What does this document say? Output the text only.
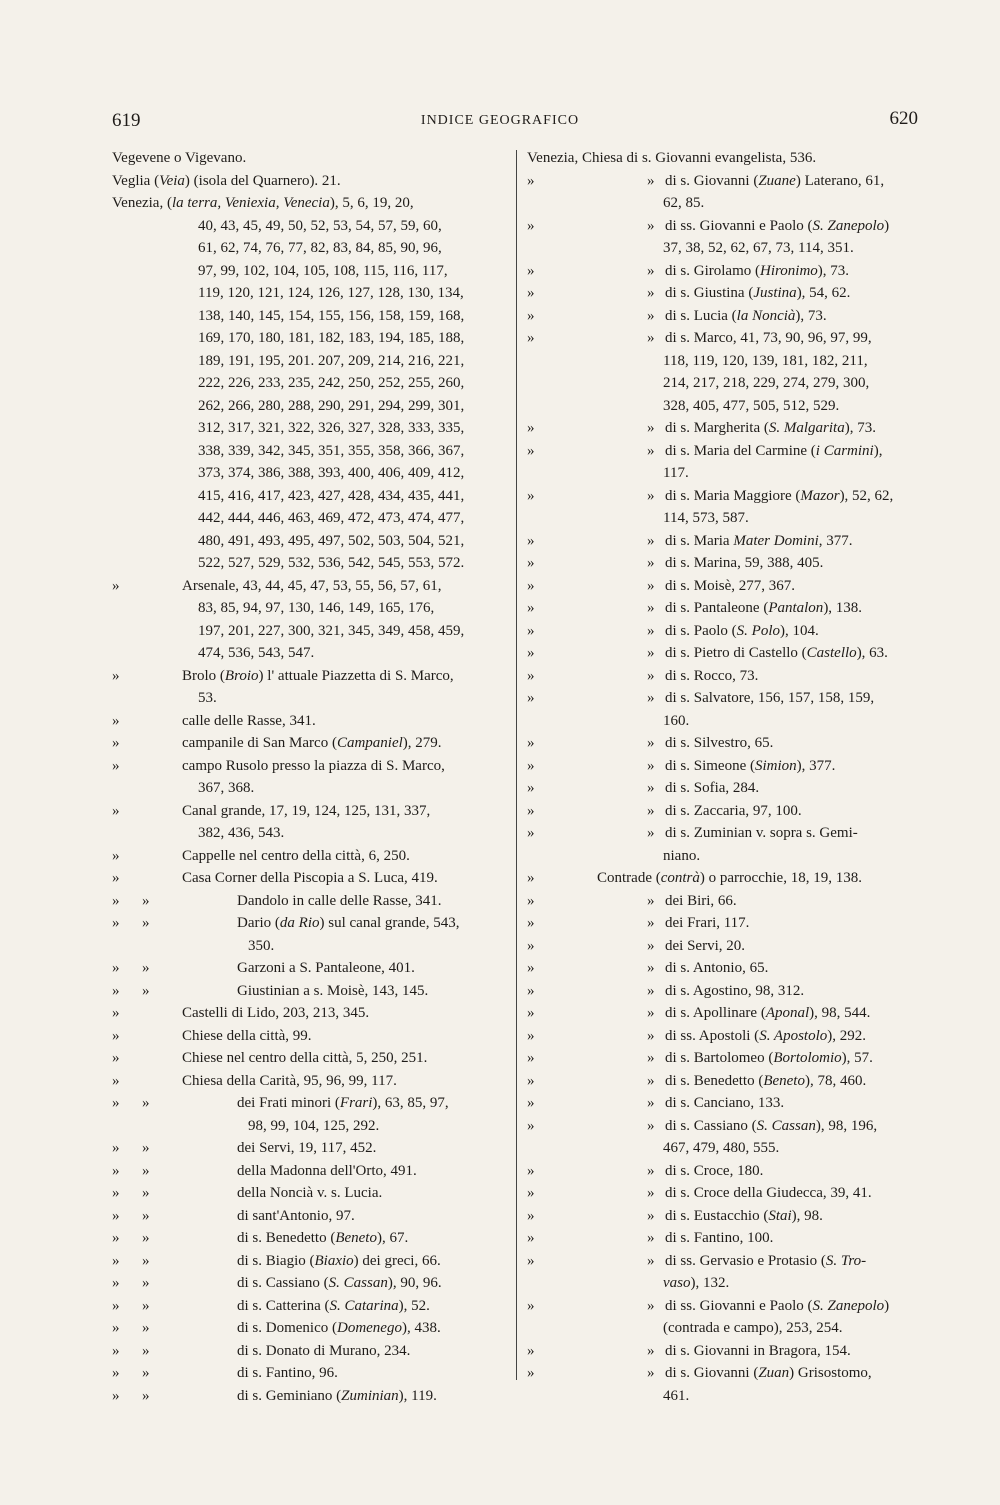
619	INDICE GEOGRAFICO	620
Vegevene o Vigevano.
Veglia (Veia) (isola del Quarnero). 21.
Venezia, (la terra, Veniexia, Venecia), 5, 6, 19, 20,
40, 43, 45, 49, 50, 52, 53, 54, 57, 59, 60,
61, 62, 74, 76, 77, 82, 83, 84, 85, 90, 96,
97, 99, 102, 104, 105, 108, 115, 116, 117,
119, 120, 121, 124, 126, 127, 128, 130, 134,
138, 140, 145, 154, 155, 156, 158, 159, 168,
169, 170, 180, 181, 182, 183, 194, 185, 188,
189, 191, 195, 201. 207, 209, 214, 216, 221,
222, 226, 233, 235, 242, 250, 252, 255, 260,
262, 266, 280, 288, 290, 291, 294, 299, 301,
312, 317, 321, 322, 326, 327, 328, 333, 335,
338, 339, 342, 345, 351, 355, 358, 366, 367,
373, 374, 386, 388, 393, 400, 406, 409, 412,
415, 416, 417, 423, 427, 428, 434, 435, 441,
442, 444, 446, 463, 469, 472, 473, 474, 477,
480, 491, 493, 495, 497, 502, 503, 504, 521,
522, 527, 529, 532, 536, 542, 545, 553, 572.
»	Arsenale, 43, 44, 45, 47, 53, 55, 56, 57, 61,
83, 85, 94, 97, 130, 146, 149, 165, 176,
197, 201, 227, 300, 321, 345, 349, 458, 459,
474, 536, 543, 547.
»	Brolo (Broio) l' attuale Piazzetta di S. Marco,
53.
»	calle delle Rasse, 341.
»	campanile di San Marco (Campaniel), 279.
»	campo Rusolo presso la piazza di S. Marco,
367, 368.
»	Canal grande, 17, 19, 124, 125, 131, 337,
382, 436, 543.
»	Cappelle nel centro della città, 6, 250.
»	Casa Corner della Piscopia a S. Luca, 419.
» »	Dandolo in calle delle Rasse, 341.
» »	Dario (da Rio) sul canal grande, 543,
350.
» »	Garzoni a S. Pantaleone, 401.
» »	Giustinian a s. Moisè, 143, 145.
»	Castelli di Lido, 203, 213, 345.
»	Chiese della città, 99.
»	Chiese nel centro della città, 5, 250, 251.
»	Chiesa della Carità, 95, 96, 99, 117.
» »	dei Frati minori (Frari), 63, 85, 97,
98, 99, 104, 125, 292.
» »	dei Servi, 19, 117, 452.
» »	della Madonna dell'Orto, 491.
» »	della Noncià v. s. Lucia.
» »	di sant'Antonio, 97.
» »	di s. Benedetto (Beneto), 67.
» »	di s. Biagio (Biaxio) dei greci, 66.
» »	di s. Cassiano (S. Cassan), 90, 96.
» »	di s. Catterina (S. Catarina), 52.
» »	di s. Domenico (Domenego), 438.
» »	di s. Donato di Murano, 234.
» »	di s. Fantino, 96.
» »	di s. Geminiano (Zuminian), 119.
Venezia, Chiesa di s. Giovanni evangelista, 536.
»	» di s. Giovanni (Zuane) Laterano, 61,
62, 85.
»	» di ss. Giovanni e Paolo (S. Zanepolo)
37, 38, 52, 62, 67, 73, 114, 351.
»	» di s. Girolamo (Hironimo), 73.
»	» di s. Giustina (Justina), 54, 62.
»	» di s. Lucia (la Noncià), 73.
»	» di s. Marco, 41, 73, 90, 96, 97, 99,
118, 119, 120, 139, 181, 182, 211,
214, 217, 218, 229, 274, 279, 300,
328, 405, 477, 505, 512, 529.
»	» di s. Margherita (S. Malgarita), 73.
»	» di s. Maria del Carmine (i Carmini),
117.
»	» di s. Maria Maggiore (Mazor), 52, 62,
114, 573, 587.
»	» di s. Maria Mater Domini, 377.
»	» di s. Marina, 59, 388, 405.
»	» di s. Moisè, 277, 367.
»	» di s. Pantaleone (Pantalon), 138.
»	» di s. Paolo (S. Polo), 104.
»	» di s. Pietro di Castello (Castello), 63.
»	» di s. Rocco, 73.
»	» di s. Salvatore, 156, 157, 158, 159,
160.
»	» di s. Silvestro, 65.
»	» di s. Simeone (Simion), 377.
»	» di s. Sofia, 284.
»	» di s. Zaccaria, 97, 100.
»	» di s. Zuminian v. sopra s. Gemi-
niano.
»	Contrade (contrà) o parrocchie, 18, 19, 138.
»	» dei Biri, 66.
»	» dei Frari, 117.
»	» dei Servi, 20.
»	» di s. Antonio, 65.
»	» di s. Agostino, 98, 312.
»	» di s. Apollinare (Aponal), 98, 544.
»	» di ss. Apostoli (S. Apostolo), 292.
»	» di s. Bartolomeo (Bortolomio), 57.
»	» di s. Benedetto (Beneto), 78, 460.
»	» di s. Canciano, 133.
»	» di s. Cassiano (S. Cassan), 98, 196,
467, 479, 480, 555.
»	» di s. Croce, 180.
»	» di s. Croce della Giudecca, 39, 41.
»	» di s. Eustacchio (Stai), 98.
»	» di s. Fantino, 100.
»	» di ss. Gervasio e Protasio (S. Tro-
vaso), 132.
»	» di ss. Giovanni e Paolo (S. Zanepolo)
(contrada e campo), 253, 254.
»	» di s. Giovanni in Bragora, 154.
»	» di s. Giovanni (Zuan) Grisostomo,
461.
